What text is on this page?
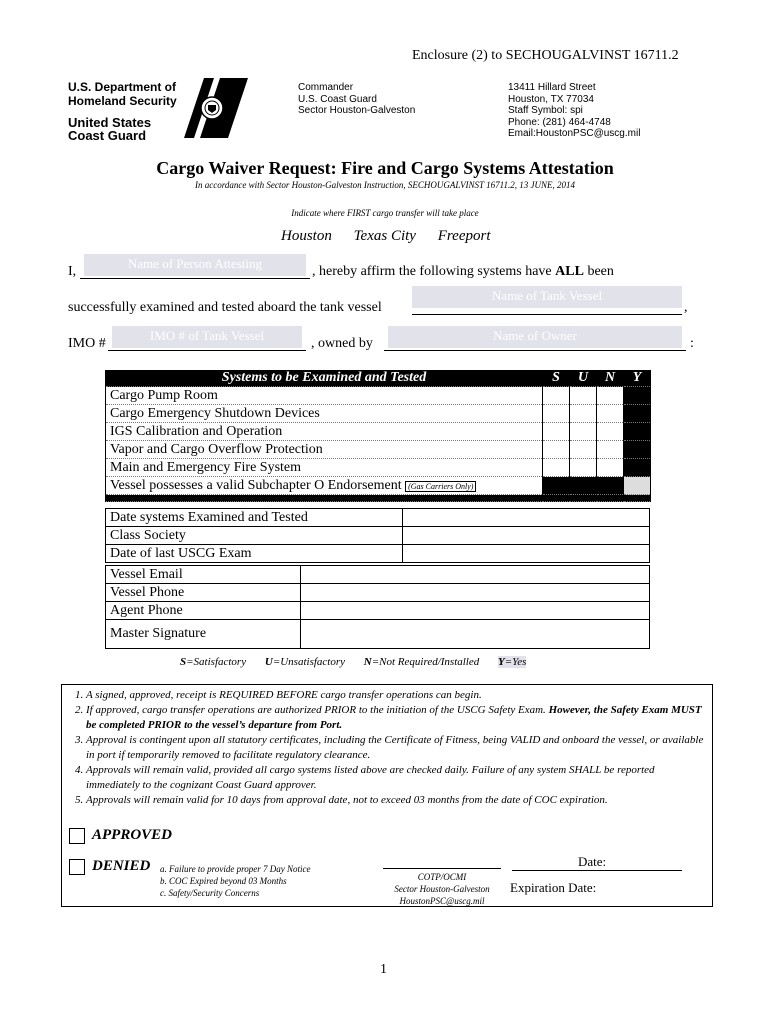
Enclosure (2) to SECHOUGALVINST 16711.2
U.S. Department of
Homeland Security
United States
Coast Guard
Commander
U.S. Coast Guard
Sector Houston-Galveston
13411 Hillard Street
Houston, TX 77034
Staff Symbol: spi
Phone: (281) 464-4748
Email:HoustonPSC@uscg.mil
Cargo Waiver Request: Fire and Cargo Systems Attestation
In accordance with Sector Houston-Galveston Instruction, SECHOUGALVINST 16711.2, 13 JUNE, 2014
Indicate where FIRST cargo transfer will take place
Houston Texas City Freeport
I,
Name of Person Attesting
, hereby affirm the following systems have ALL been
successfully examined and tested aboard the tank vessel
Name of Tank Vessel
,
IMO #
IMO # of Tank Vessel
, owned by
Name of Owner
:
Systems to be Examined and Tested	S	U	N	Y
Cargo Pump Room				
Cargo Emergency Shutdown Devices				
IGS Calibration and Operation				
Vapor and Cargo Overflow Protection				
Main and Emergency Fire System				
Vessel possesses a valid Subchapter O Endorsement (Gas Carriers Only)				

Date systems Examined and Tested	
Class Society	
Date of last USCG Exam	
Vessel Email	
Vessel Phone	
Agent Phone	
Master Signature	
S=Satisfactory U=Unsatisfactory N=Not Required/Installed Y=Yes
1. A signed, approved, receipt is REQUIRED BEFORE cargo transfer operations can begin.
2. If approved, cargo transfer operations are authorized PRIOR to the initiation of the USCG Safety Exam. However, the Safety Exam MUST be completed PRIOR to the vessel’s departure from Port.
3. Approval is contingent upon all statutory certificates, including the Certificate of Fitness, being VALID and onboard the vessel, or available in port if temporarily removed to facilitate regulatory clearance.
4. Approvals will remain valid, provided all cargo systems listed above are checked daily. Failure of any system SHALL be reported immediately to the cognizant Coast Guard approver.
5. Approvals will remain valid for 10 days from approval date, not to exceed 03 months from the date of COC expiration.
APPROVED
DENIED a. Failure to provide proper 7 Day Notice
b. COC Expired beyond 03 Months
c. Safety/Security Concerns
COTP/OCMI
Sector Houston-Galveston
HoustonPSC@uscg.mil
Date:
Expiration Date:
1
